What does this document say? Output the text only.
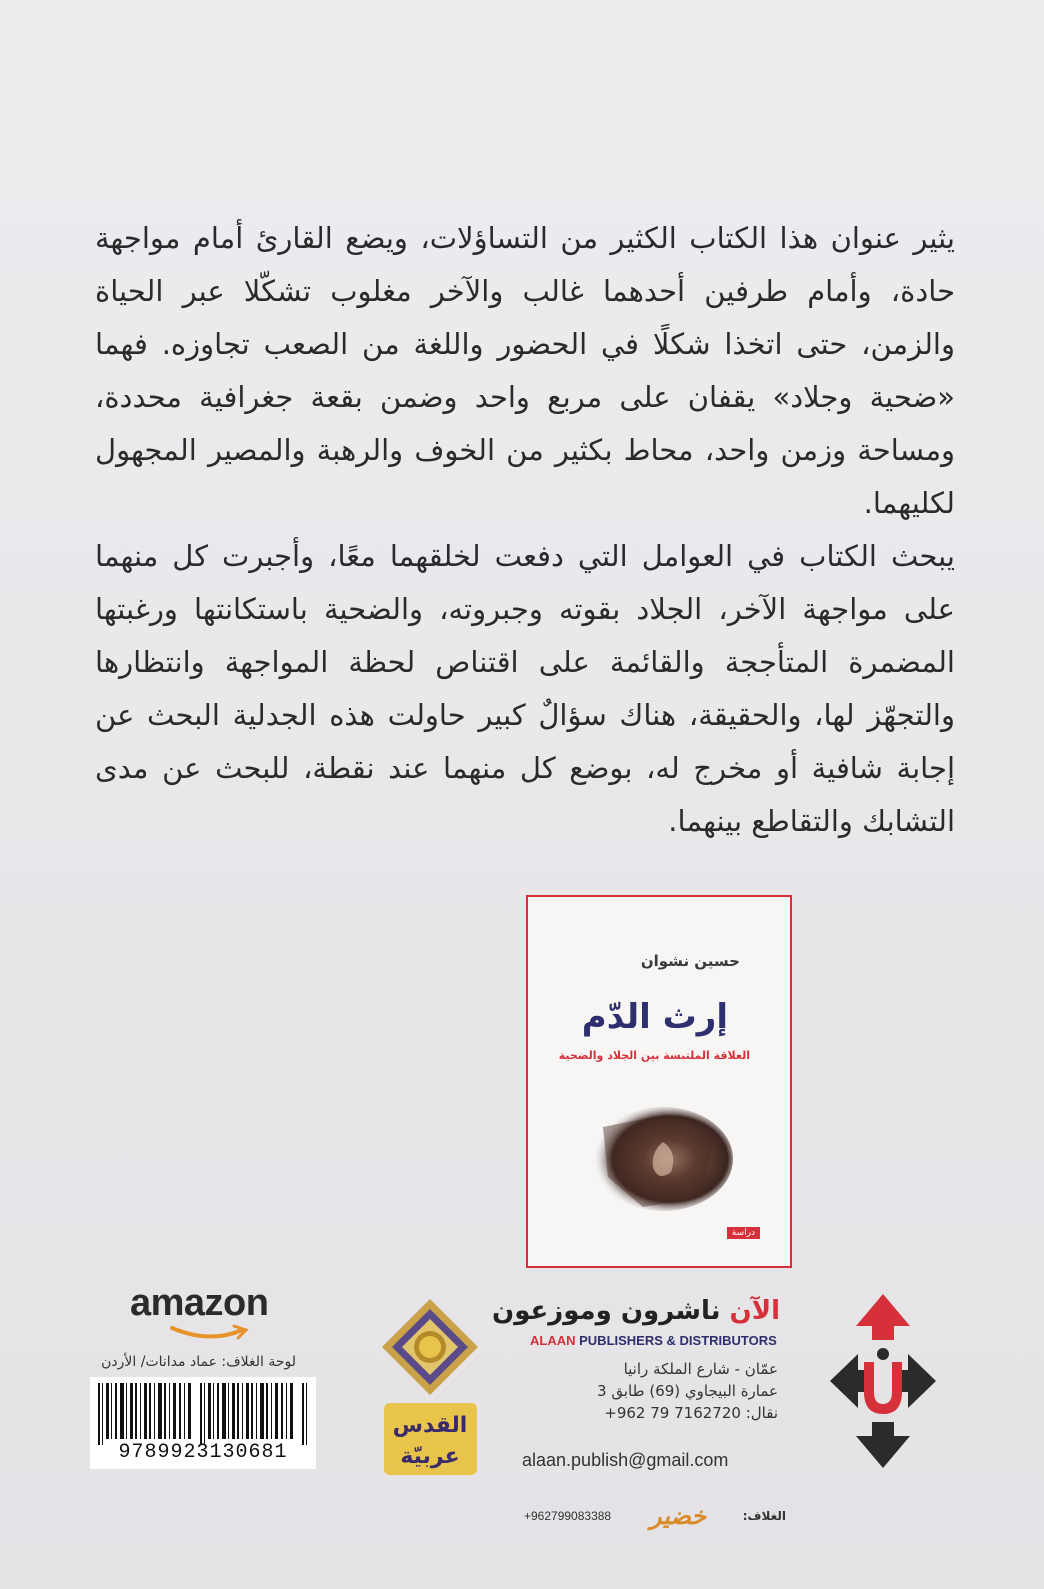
يثير عنوان هذا الكتاب الكثير من التساؤلات، ويضع القارئ أمام مواجهة حادة، وأمام طرفين أحدهما غالب والآخر مغلوب تشكّلا عبر الحياة والزمن، حتى اتخذا شكلًا في الحضور واللغة من الصعب تجاوزه. فهما «ضحية وجلاد» يقفان على مربع واحد وضمن بقعة جغرافية محددة، ومساحة وزمن واحد، محاط بكثير من الخوف والرهبة والمصير المجهول لكليهما.

يبحث الكتاب في العوامل التي دفعت لخلقهما معًا، وأجبرت كل منهما على مواجهة الآخر، الجلاد بقوته وجبروته، والضحية باستكانتها ورغبتها المضمرة المتأججة والقائمة على اقتناص لحظة المواجهة وانتظارها والتجهّز لها، والحقيقة، هناك سؤالٌ كبير حاولت هذه الجدلية البحث عن إجابة شافية أو مخرج له، بوضع كل منهما عند نقطة، للبحث عن مدى التشابك والتقاطع بينهما.

حسين نشوان
إرث الدّم
العلاقة الملتبسة بين الجلاد والضحية
دراسة
الآن ناشرون وموزعون
ALAAN PUBLISHERS & DISTRIBUTORS
عمّان - شارع الملكة رانيا
عمارة البيجاوي (69) طابق 3
نقال: +962 79 7162720
alaan.publish@gmail.com
+962799083388 خضير	الغلاف:
القدس
عربيّة
amazon
لوحة الغلاف: عماد مدانات/ الأردن
9789923130681
